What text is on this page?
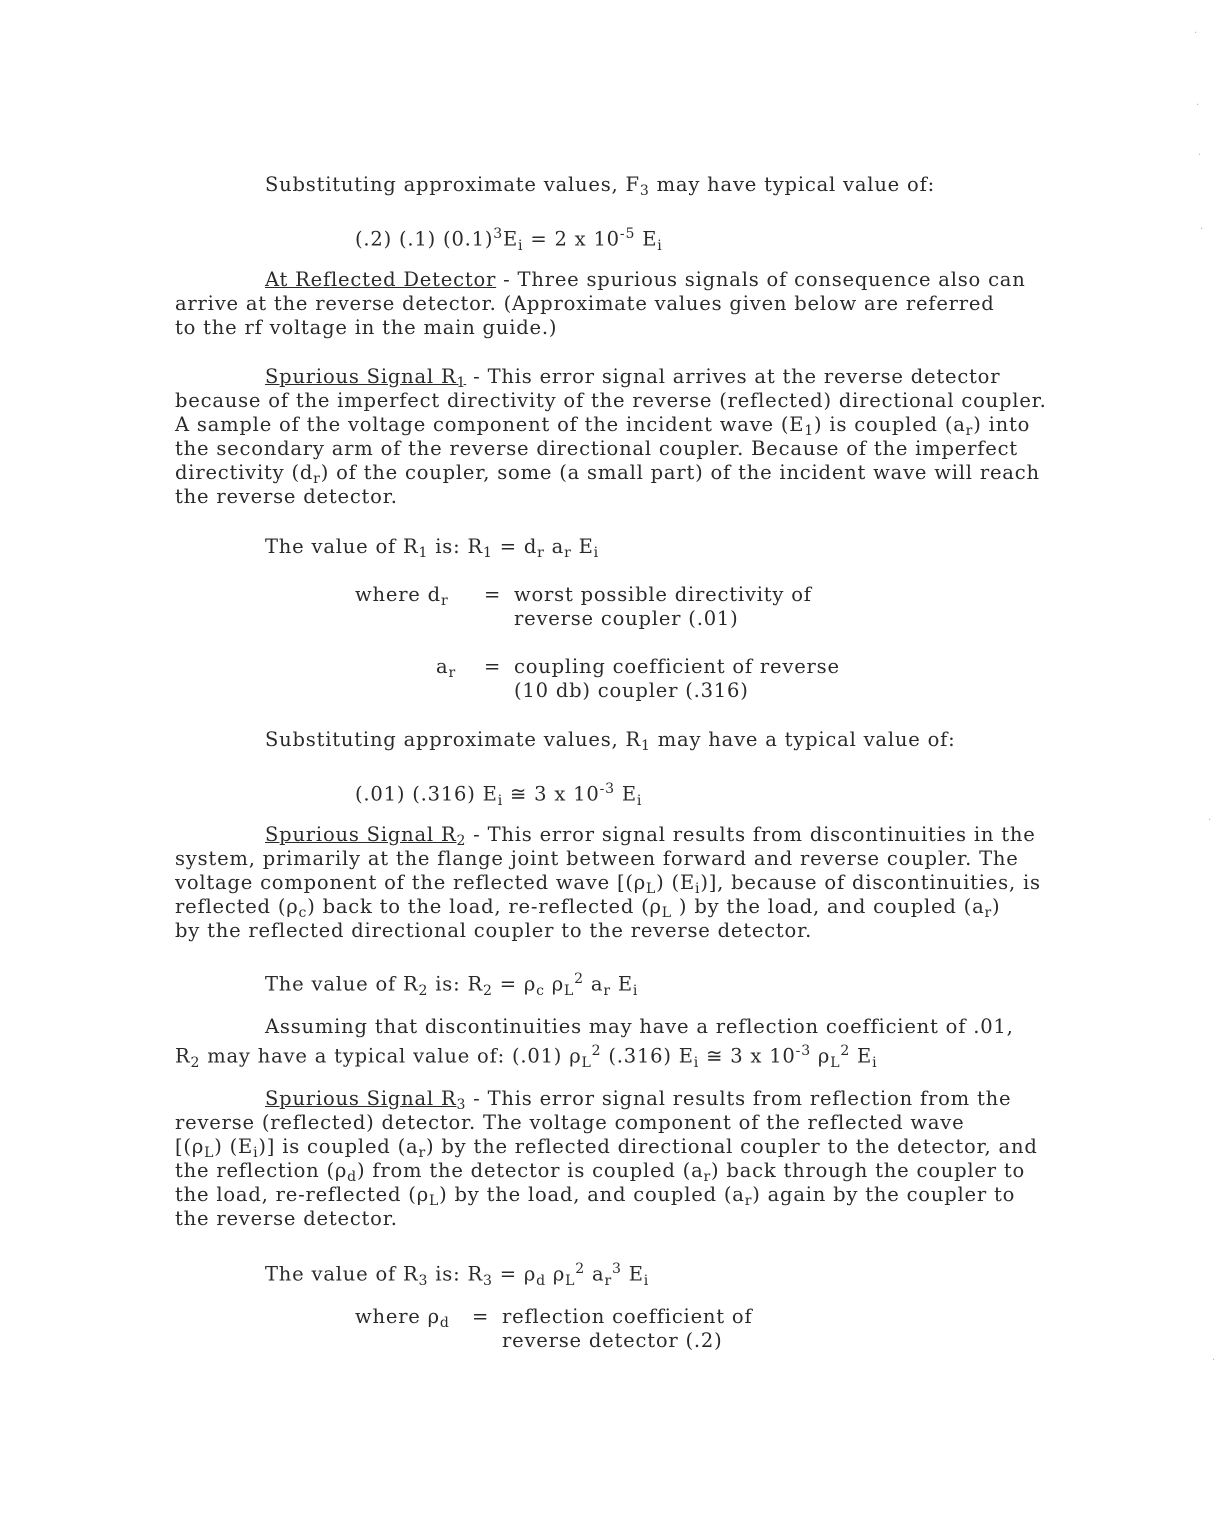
Substituting approximate values, $F_3$ may have typical value of:
(.2) (.1) $(0.1)^3E_i = 2$ x $10^{-5}$ $E_i$
At Reflected Detector - Three spurious signals of consequence also can
arrive at the reverse detector. (Approximate values given below are referred
to the rf voltage in the main guide.)
Spurious Signal $R_1$ - This error signal arrives at the reverse detector
because of the imperfect directivity of the reverse (reflected) directional coupler.
A sample of the voltage component of the incident wave $(E_1)$ is coupled $(a_r)$ into
the secondary arm of the reverse directional coupler. Because of the imperfect
directivity $(d_r)$ of the coupler, some (a small part) of the incident wave will reach
the reverse detector.
The value of $R_1$ is: $R_1 = d_r$ $a_r$ $E_i$
where $d_r$ = worst possible directivity of
reverse coupler (.01)
$a_r$ = coupling coefficient of reverse
(10 db) coupler (.316)
Substituting approximate values, $R_1$ may have a typical value of:
(.01) (.316) $E_i$ ≅ 3 x $10^{-3}$ $E_i$
Spurious Signal $R_2$ - This error signal results from discontinuities in the
system, primarily at the flange joint between forward and reverse coupler. The
voltage component of the reflected wave [$(\rho_L)$ $(E_i)$], because of discontinuities, is
reflected $(\rho_c)$ back to the load, re-reflected ($\rho_L$ ) by the load, and coupled $(a_r)$
by the reflected directional coupler to the reverse detector.
The value of $R_2$ is: $R_2 = \rho_c$ $\rho_L^2$ $a_r$ $E_i$
Assuming that discontinuities may have a reflection coefficient of .01,
$R_2$ may have a typical value of: (.01) $\rho_L^2$ (.316) $E_i$ ≅ 3 x $10^{-3}$ $\rho_L^2$ $E_i$
Spurious Signal $R_3$ - This error signal results from reflection from the
reverse (reflected) detector. The voltage component of the reflected wave
[$(\rho_L)$ $(E_i)$] is coupled $(a_r)$ by the reflected directional coupler to the detector, and
the reflection $(\rho_d)$ from the detector is coupled $(a_r)$ back through the coupler to
the load, re-reflected $(\rho_L)$ by the load, and coupled $(a_r)$ again by the coupler to
the reverse detector.
The value of $R_3$ is: $R_3 = \rho_d$ $\rho_L^2$ $a_r^3$ $E_i$
where $\rho_d$ = reflection coefficient of
reverse detector (.2)
·
·
·
·
·
·
